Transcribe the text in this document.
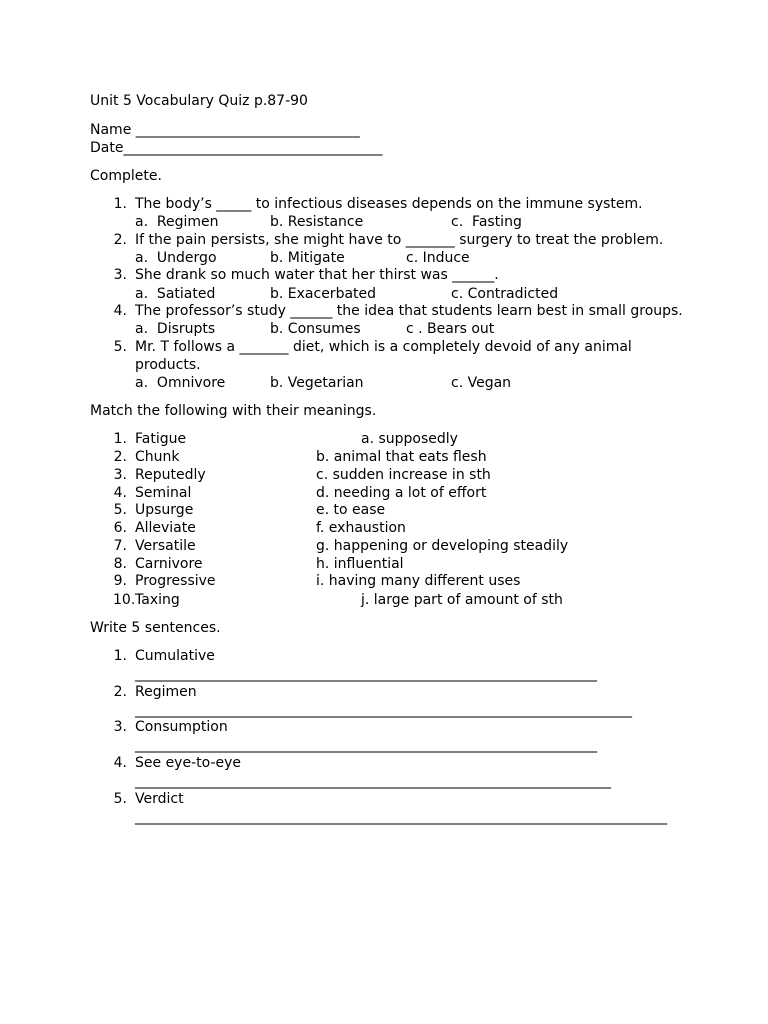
Unit 5 Vocabulary Quiz p.87-90
Name ________________________________
Date_____________________________________
Complete.
1. The body’s _____ to infectious diseases depends on the immune system.
a.  Regimen	b. Resistance	c.  Fasting
2. If the pain persists, she might have to _______ surgery to treat the problem.
a.  Undergo	b. Mitigate	c. Induce
3. She drank so much water that her thirst was ______.
a.  Satiated	b. Exacerbated	c. Contradicted
4. The professor’s study ______ the idea that students learn best in small groups.
a.  Disrupts	b. Consumes	c . Bears out
5. Mr. T follows a _______ diet, which is a completely devoid of any animal
products.
a.  Omnivore	b. Vegetarian	c. Vegan
Match the following with their meanings.
1. Fatigue	a. supposedly
2. Chunk	b. animal that eats flesh
3. Reputedly	c. sudden increase in sth
4. Seminal	d. needing a lot of effort
5. Upsurge	e. to ease
6. Alleviate	f. exhaustion
7. Versatile	g. happening or developing steadily
8. Carnivore	h. influential
9. Progressive	i. having many different uses
10. Taxing	j. large part of amount of sth
Write 5 sentences.
1. Cumulative
__________________________________________________________________
2. Regimen
_______________________________________________________________________
3. Consumption
__________________________________________________________________
4. See eye-to-eye
____________________________________________________________________
5. Verdict
____________________________________________________________________________
